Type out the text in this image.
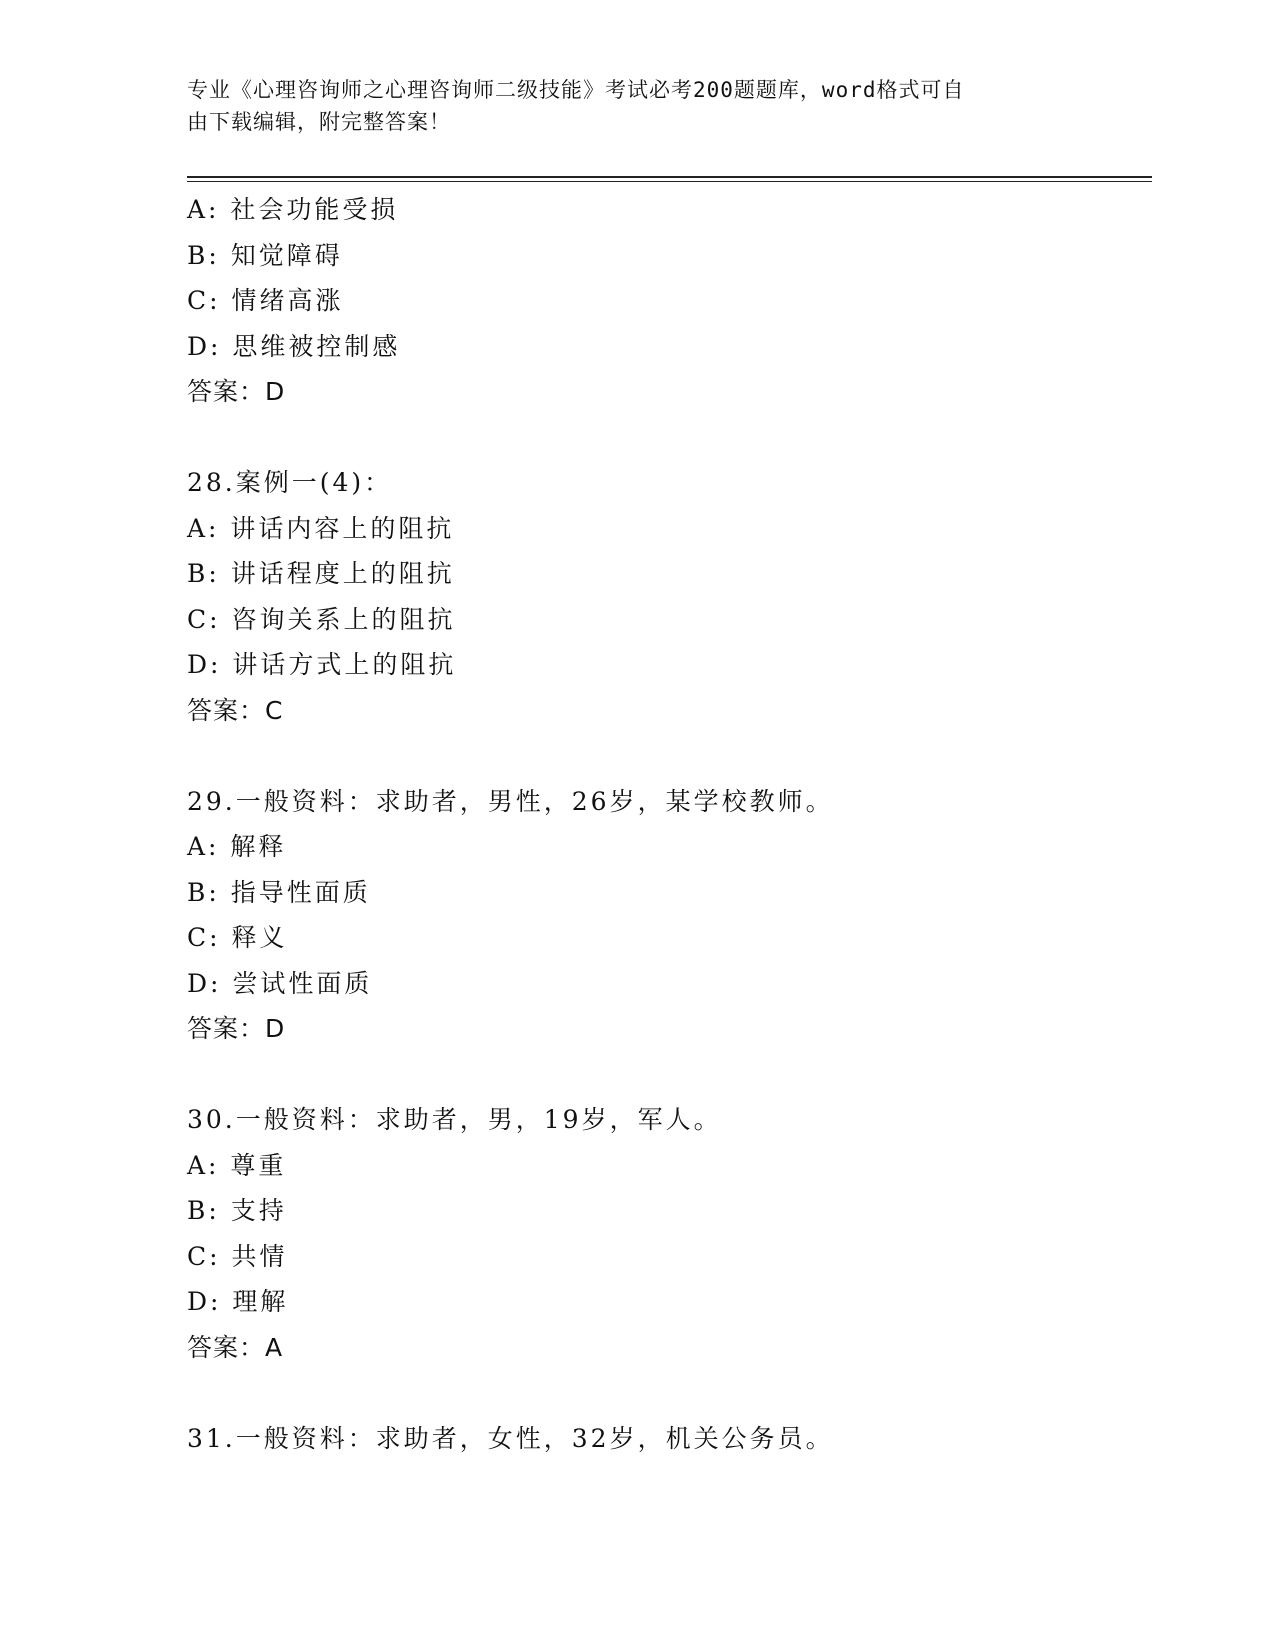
专业《心理咨询师之心理咨询师二级技能》考试必考200题题库，word格式可自
由下载编辑，附完整答案！
A: 社会功能受损
B: 知觉障碍
C: 情绪高涨
D: 思维被控制感
答案：D
28.案例一(4)：
A: 讲话内容上的阻抗
B: 讲话程度上的阻抗
C: 咨询关系上的阻抗
D: 讲话方式上的阻抗
答案：C
29.一般资料：求助者，男性，26岁，某学校教师。
A: 解释
B: 指导性面质
C: 释义
D: 尝试性面质
答案：D
30.一般资料：求助者，男，19岁，军人。
A: 尊重
B: 支持
C: 共情
D: 理解
答案：A
31.一般资料：求助者，女性，32岁，机关公务员。
